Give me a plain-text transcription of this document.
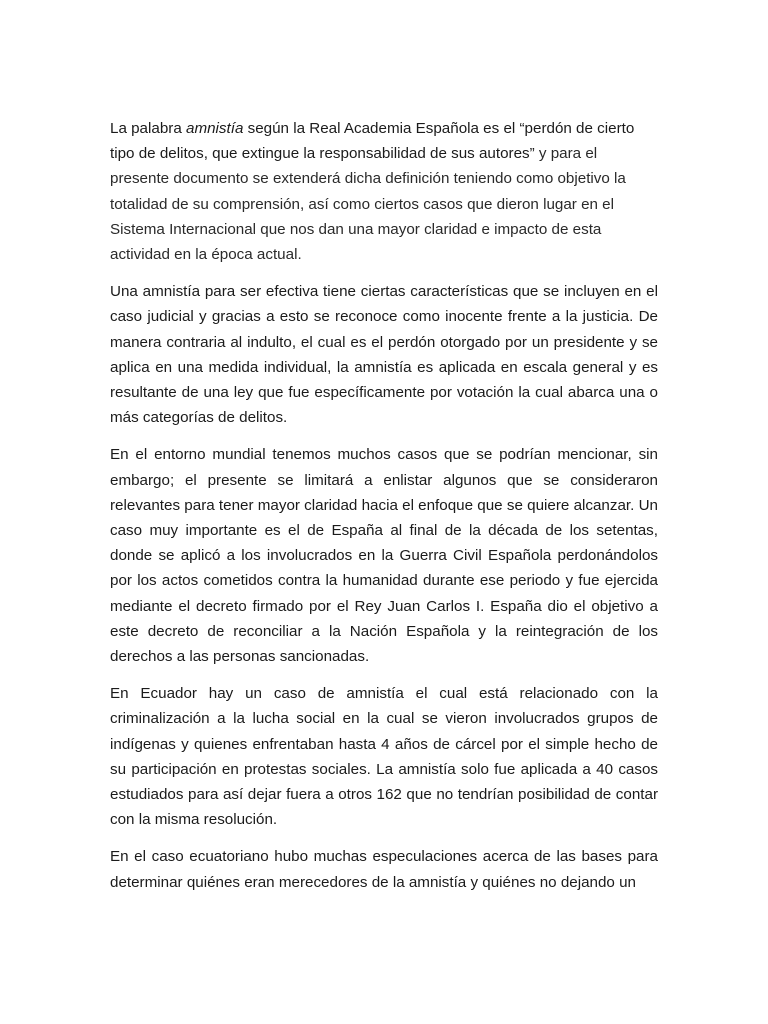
La palabra amnistía según la Real Academia Española es el “perdón de cierto tipo de delitos, que extingue la responsabilidad de sus autores” y para el presente documento se extenderá dicha definición teniendo como objetivo la totalidad de su comprensión, así como ciertos casos que dieron lugar en el Sistema Internacional que nos dan una mayor claridad e impacto de esta actividad en la época actual.

Una amnistía para ser efectiva tiene ciertas características que se incluyen en el caso judicial y gracias a esto se reconoce como inocente frente a la justicia. De manera contraria al indulto, el cual es el perdón otorgado por un presidente y se aplica en una medida individual, la amnistía es aplicada en escala general y es resultante de una ley que fue específicamente por votación la cual abarca una o más categorías de delitos.

En el entorno mundial tenemos muchos casos que se podrían mencionar, sin embargo; el presente se limitará a enlistar algunos que se consideraron relevantes para tener mayor claridad hacia el enfoque que se quiere alcanzar. Un caso muy importante es el de España al final de la década de los setentas, donde se aplicó a los involucrados en la Guerra Civil Española perdonándolos por los actos cometidos contra la humanidad durante ese periodo y fue ejercida mediante el decreto firmado por el Rey Juan Carlos I. España dio el objetivo a este decreto de reconciliar a la Nación Española y la reintegración de los derechos a las personas sancionadas.

En Ecuador hay un caso de amnistía el cual está relacionado con la criminalización a la lucha social en la cual se vieron involucrados grupos de indígenas y quienes enfrentaban hasta 4 años de cárcel por el simple hecho de su participación en protestas sociales. La amnistía solo fue aplicada a 40 casos estudiados para así dejar fuera a otros 162 que no tendrían posibilidad de contar con la misma resolución.

En el caso ecuatoriano hubo muchas especulaciones acerca de las bases para determinar quiénes eran merecedores de la amnistía y quiénes no dejando un
